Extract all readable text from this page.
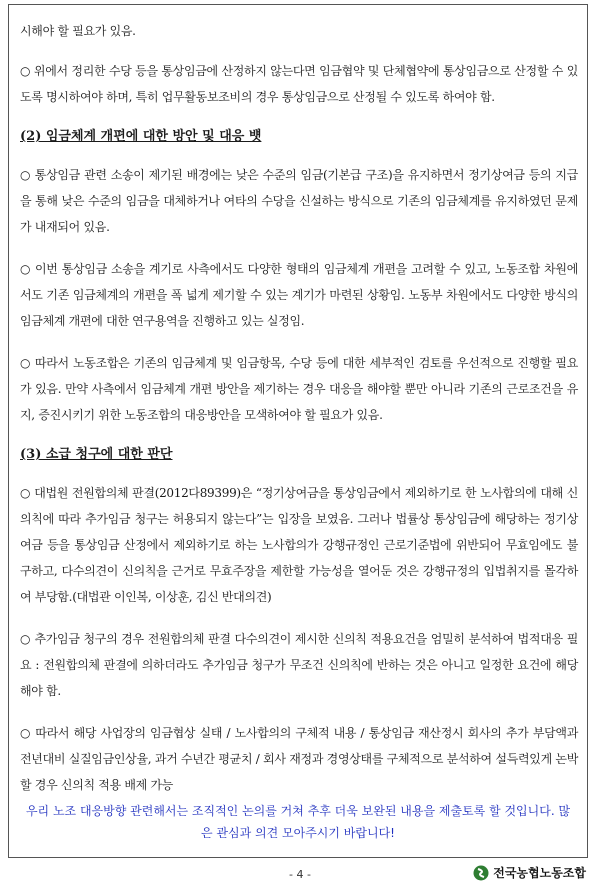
시해야 할 필요가 있음.

○ 위에서 정리한 수당 등을 통상임금에 산정하지 않는다면 임금협약 및 단체협약에 통상임금으로 산정할 수 있도록 명시하여야 하며, 특히 업무활동보조비의 경우 통상임금으로 산정될 수 있도록 하여야 함.

(2) 임금체계 개편에 대한 방안 및 대응 뱻

○ 통상임금 관련 소송이 제기된 배경에는 낮은 수준의 임금(기본급 구조)을 유지하면서 정기상여금 등의 지급을 통해 낮은 수준의 임금을 대체하거나 여타의 수당을 신설하는 방식으로 기존의 임금체계를 유지하였던 문제가 내재되어 있음.

○ 이번 통상임금 소송을 계기로 사측에서도 다양한 형태의 임금체계 개편을 고려할 수 있고, 노동조합 차원에서도 기존 임금체계의 개편을 폭 넓게 제기할 수 있는 계기가 마련된 상황임. 노동부 차원에서도 다양한 방식의 임금체계 개편에 대한 연구용역을 진행하고 있는 실정임.

○ 따라서 노동조합은 기존의 임금체계 및 임금항목, 수당 등에 대한 세부적인 검토를 우선적으로 진행할 필요가 있음. 만약 사측에서 임금체계 개편 방안을 제기하는 경우 대응을 해야할 뿐만 아니라 기존의 근로조건을 유지, 증진시키기 위한 노동조합의 대응방안을 모색하여야 할 필요가 있음.

(3) 소급 청구에 대한 판단

○ 대법원 전원합의체 판결(2012다89399)은 “정기상여금을 통상임금에서 제외하기로 한 노사합의에 대해 신의칙에 따라 추가임금 청구는 허용되지 않는다”는 입장을 보였음. 그러나 법률상 통상임금에 해당하는 정기상여금 등을 통상임금 산정에서 제외하기로 하는 노사합의가 강행규정인 근로기준법에 위반되어 무효임에도 불구하고, 다수의견이 신의칙을 근거로 무효주장을 제한할 가능성을 열어둔 것은 강행규정의 입법취지를 몰각하여 부당함.(대법관 이인복, 이상훈, 김신 반대의견)

○ 추가임금 청구의 경우 전원합의체 판결 다수의견이 제시한 신의칙 적용요건을 엄밀히 분석하여 법적대응 필요 : 전원합의체 판결에 의하더라도 추가임금 청구가 무조건 신의칙에 반하는 것은 아니고 일정한 요건에 해당해야 함.

○ 따라서 해당 사업장의 임금협상 실태 / 노사합의의 구체적 내용 / 통상임금 재산정시 회사의 추가 부담액과 전년대비 실질임금인상율, 과거 수년간 평균치 / 회사 재정과 경영상태를 구체적으로 분석하여 설득력있게 논박할 경우 신의칙 적용 배제 가능

우리 노조 대응방향 관련해서는 조직적인 논의를 거쳐 추후 더욱 보완된 내용을 제출토록 할 것입니다. 많은 관심과 의견 모아주시기 바랍니다!
- 4 -	전국농협노동조합
